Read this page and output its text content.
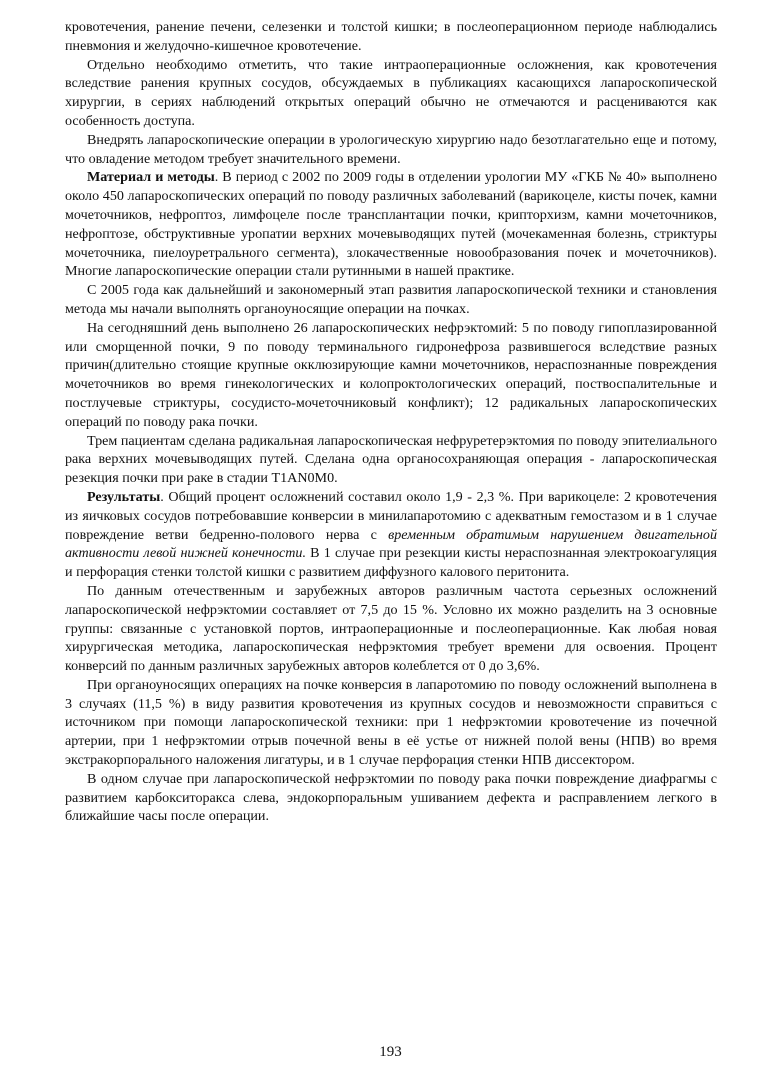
кровотечения, ранение печени, селезенки и толстой кишки; в послеоперационном периоде наблюдались пневмония и желудочно-кишечное кровотечение.

Отдельно необходимо отметить, что такие интраоперационные осложнения, как кровотечения вследствие ранения крупных сосудов, обсуждаемых в публикациях касающихся лапароскопической хирургии, в сериях наблюдений открытых операций обычно не отмечаются и расцениваются как особенность доступа.

Внедрять лапароскопические операции в урологическую хирургию надо безотлагательно еще и потому, что овладение методом требует значительного времени.

Материал и методы. В период с 2002 по 2009 годы в отделении урологии МУ «ГКБ № 40» выполнено около 450 лапароскопических операций по поводу различных заболеваний (варикоцеле, кисты почек, камни мочеточников, нефроптоз, лимфоцеле после трансплантации почки, крипторхизм, камни мочеточников, нефроптозе, обструктивные уропатии верхних мочевыводящих путей (мочекаменная болезнь, стриктуры мочеточника, пиелоуретрального сегмента), злокачественные новообразования почек и мочеточников). Многие лапароскопические операции стали рутинными в нашей практике.

С 2005 года как дальнейший и закономерный этап развития лапароскопической техники и становления метода мы начали выполнять органоуносящие операции на почках.

На сегодняшний день выполнено 26 лапароскопических нефрэктомий: 5 по поводу гипоплазированной или сморщенной почки, 9 по поводу терминального гидронефроза развившегося вследствие разных причин(длительно стоящие крупные окклюзирующие камни мочеточников, нераспознанные повреждения мочеточников во время гинекологических и колопроктологических операций, поствоспалительные и постлучевые стриктуры, сосудисто-мочеточниковый конфликт); 12 радикальных лапароскопических операций по поводу рака почки.

Трем пациентам сделана радикальная лапароскопическая нефруретерэктомия по поводу эпителиального рака верхних мочевыводящих путей. Сделана одна органосохраняющая операция - лапароскопическая резекция почки при раке в стадии T1AN0M0.

Результаты. Общий процент осложнений составил около 1,9 - 2,3 %. При варикоцеле: 2 кровотечения из яичковых сосудов потребовавшие конверсии в минилапаротомию с адекватным гемостазом и в 1 случае повреждение ветви бедренно-полового нерва с временным обратимым нарушением двигательной активности левой нижней конечности. В 1 случае при резекции кисты нераспознанная электрокоагуляция и перфорация стенки толстой кишки с развитием диффузного калового перитонита.

По данным отечественным и зарубежных авторов различным частота серьезных осложнений лапароскопической нефрэктомии составляет от 7,5 до 15 %. Условно их можно разделить на 3 основные группы: связанные с установкой портов, интраоперационные и послеоперационные. Как любая новая хирургическая методика, лапароскопическая нефрэктомия требует времени для освоения. Процент конверсий по данным различных зарубежных авторов колеблется от 0 до 3,6%.

При органоуносящих операциях на почке конверсия в лапаротомию по поводу осложнений выполнена в 3 случаях (11,5 %) в виду развития кровотечения из крупных сосудов и невозможности справиться с источником при помощи лапароскопической техники: при 1 нефрэктомии кровотечение из почечной артерии, при 1 нефрэктомии отрыв почечной вены в её устье от нижней полой вены (НПВ) во время экстракорпорального наложения лигатуры, и в 1 случае перфорация стенки НПВ диссектором.

В одном случае при лапароскопической нефрэктомии по поводу рака почки повреждение диафрагмы с развитием карбокситоракса слева, эндокорпоральным ушиванием дефекта и расправлением легкого в ближайшие часы после операции.

193
